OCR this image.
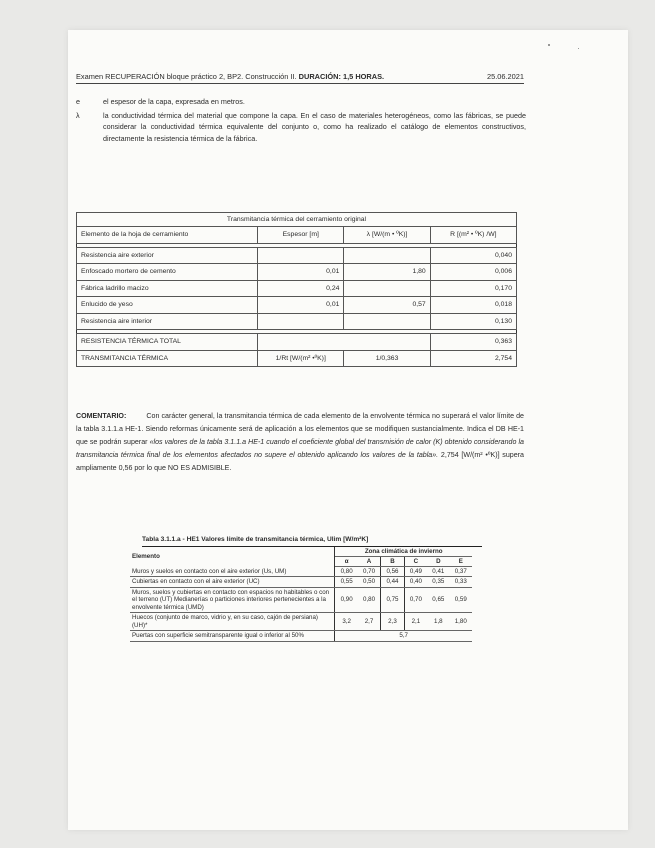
Examen RECUPERACIÓN bloque práctico 2, BP2. Construcción II. DURACIÓN: 1,5 HORAS.	25.06.2021
e	el espesor de la capa, expresada en metros.
λ	la conductividad térmica del material que compone la capa. En el caso de materiales heterogéneos, como las fábricas, se puede considerar la conductividad térmica equivalente del conjunto o, como ha realizado el catálogo de elementos constructivos, directamente la resistencia térmica de la fábrica.
Transmitancia térmica del cerramiento original			
Elemento de la hoja de cerramiento	Espesor [m]	λ [W/(m • ºK)]	R [(m² • ºK) /W]

Resistencia aire exterior			0,040
Enfoscado mortero de cemento	0,01	1,80	0,006
Fábrica ladrillo macizo	0,24		0,170
Enlucido de yeso	0,01	0,57	0,018
Resistencia aire interior			0,130

RESISTENCIA TÉRMICA TOTAL			0,363
TRANSMITANCIA TÉRMICA	1/Rt [W/(m² •ºK)]	1/0,363	2,754
COMENTARIO:	Con carácter general, la transmitancia térmica de cada elemento de la envolvente térmica no superará el valor límite de la tabla 3.1.1.a HE-1. Siendo reformas únicamente será de aplicación a los elementos que se modifiquen sustancialmente. Indica el DB HE-1 que se podrán superar «los valores de la tabla 3.1.1.a HE-1 cuando el coeficiente global del transmisión de calor (K) obtenido considerando la transmitancia térmica final de los elementos afectados no supere el obtenido aplicando los valores de la tabla». 2,754 [W/(m² •ºK)] supera ampliamente 0,56 por lo que NO ES ADMISIBLE.
Tabla 3.1.1.a - HE1 Valores límite de transmitancia térmica, Ulim [W/m²K]
Elemento	Zona climática de invierno					
	α	A	B	C	D	E
Muros y suelos en contacto con el aire exterior (Us, UM)	0,80	0,70	0,56	0,49	0,41	0,37
Cubiertas en contacto con el aire exterior (UC)	0,55	0,50	0,44	0,40	0,35	0,33
Muros, suelos y cubiertas en contacto con espacios no habitables o con el terreno (UT) Medianerías o particiones interiores pertenecientes a la envolvente térmica (UMD)	0,90	0,80	0,75	0,70	0,65	0,59
Huecos (conjunto de marco, vidrio y, en su caso, cajón de persiana) (UH)*	3,2	2,7	2,3	2,1	1,8	1,80
Puertas con superficie semitransparente igual o inferior al 50%	5,7					
